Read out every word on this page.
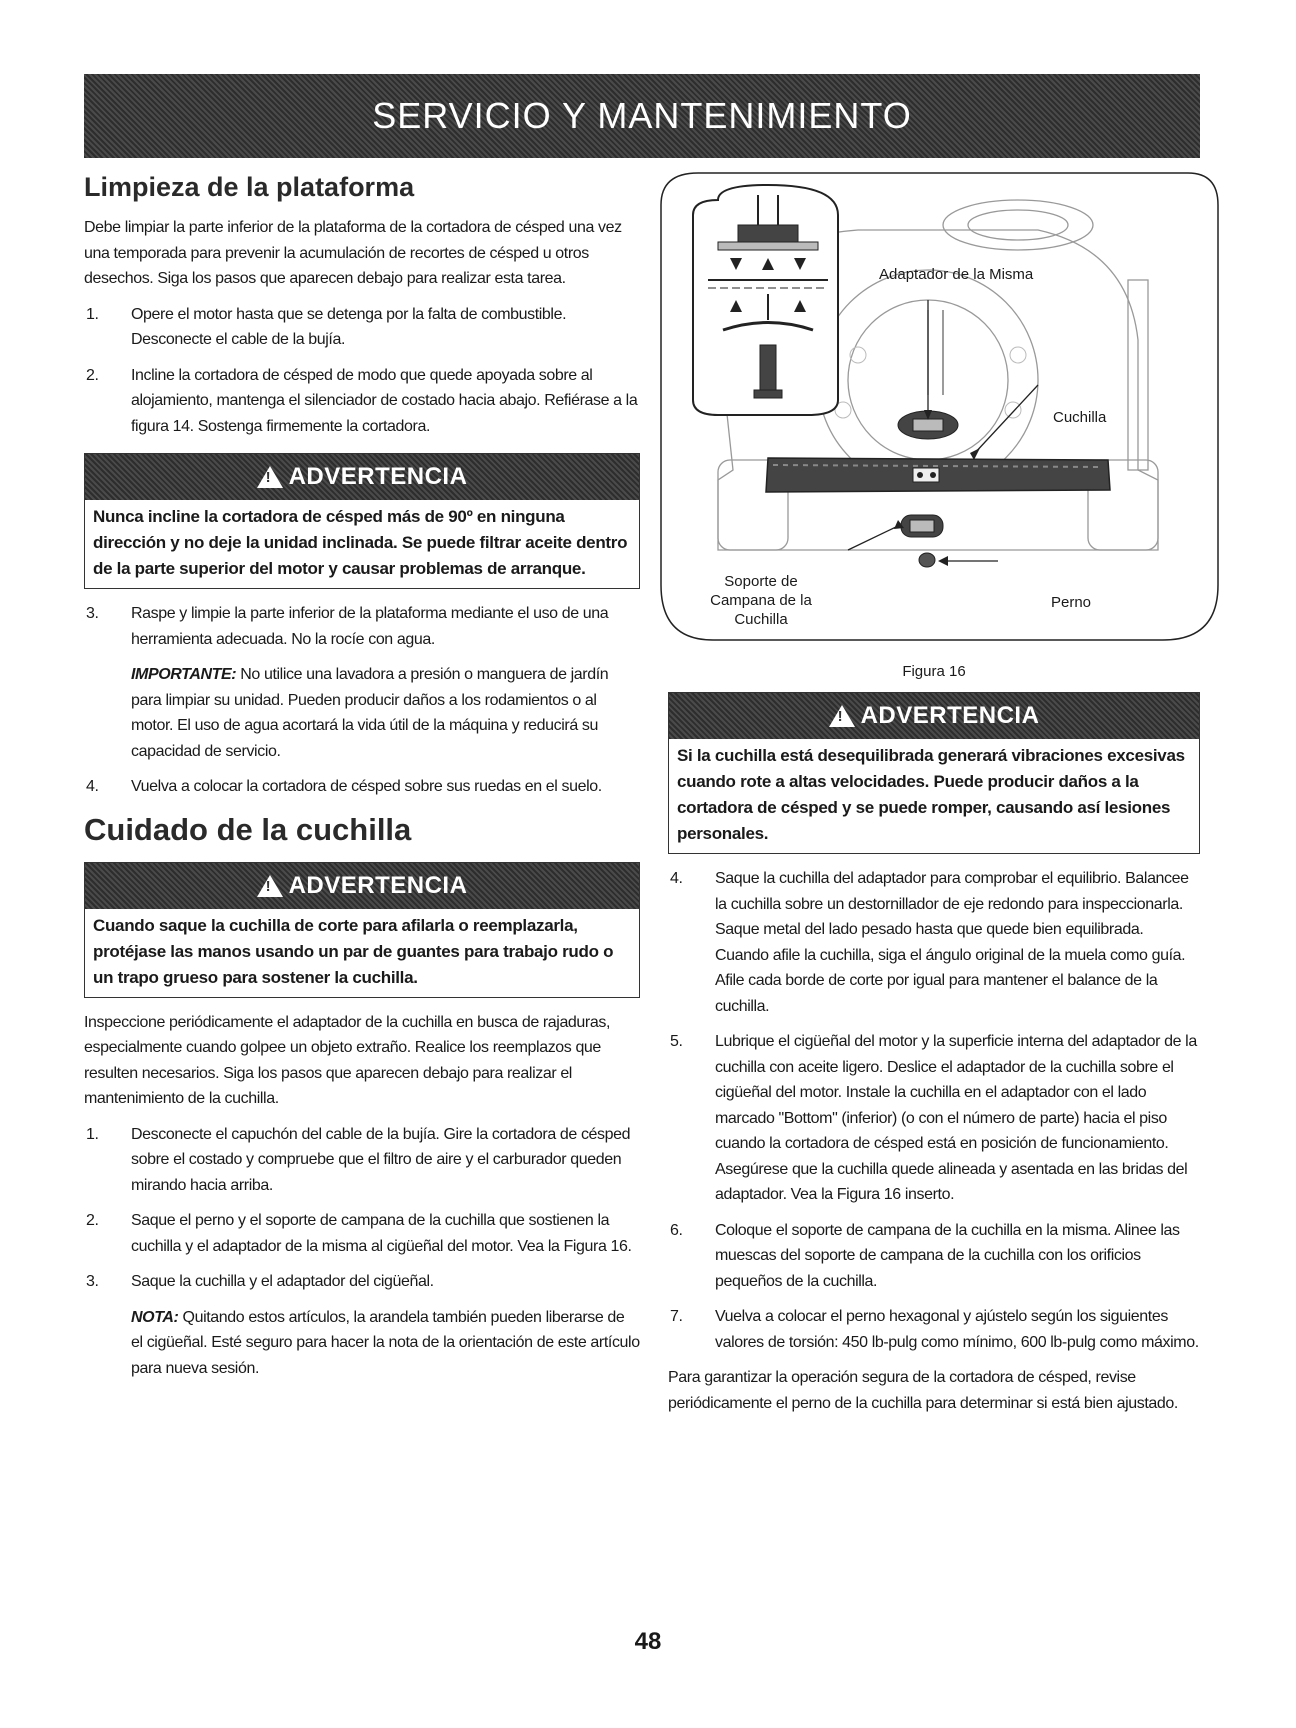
SERVICIO Y MANTENIMIENTO
Limpieza de la plataforma

Debe limpiar la parte inferior de la plataforma de la cortadora de césped una vez una temporada para prevenir la acumulación de recortes de césped u otros desechos. Siga los pasos que aparecen debajo para realizar esta tarea.

1. Opere el motor hasta que se detenga por la falta de combustible. Desconecte el cable de la bujía.
2. Incline la cortadora de césped de modo que quede apoyada sobre al alojamiento, mantenga el silenciador de costado hacia abajo. Refiérase a la figura 14. Sostenga firmemente la cortadora.
!
ADVERTENCIA
Nunca incline la cortadora de césped más de 90º en ninguna dirección y no deje la unidad inclinada. Se puede filtrar aceite dentro de la parte superior del motor y causar problemas de arranque.
3. Raspe y limpie la parte inferior de la plataforma mediante el uso de una herramienta adecuada. No la rocíe con agua.
IMPORTANTE: No utilice una lavadora a presión o manguera de jardín para limpiar su unidad. Pueden producir daños a los rodamientos o al motor. El uso de agua acortará la vida útil de la máquina y reducirá su capacidad de servicio.
4. Vuelva a colocar la cortadora de césped sobre sus ruedas en el suelo.
Cuidado de la cuchilla
!
ADVERTENCIA
Cuando saque la cuchilla de corte para afilarla o reemplazarla, protéjase las manos usando un par de guantes para trabajo rudo o un trapo grueso para sostener la cuchilla.

Inspeccione periódicamente el adaptador de la cuchilla en busca de rajaduras, especialmente cuando golpee un objeto extraño. Realice los reemplazos que resulten necesarios. Siga los pasos que aparecen debajo para realizar el mantenimiento de la cuchilla.

1. Desconecte el capuchón del cable de la bujía. Gire la cortadora de césped sobre el costado y compruebe que el filtro de aire y el carburador queden mirando hacia arriba.
2. Saque el perno y el soporte de campana de la cuchilla que sostienen la cuchilla y el adaptador de la misma al cigüeñal del motor. Vea la Figura 16.
3. Saque la cuchilla y el adaptador del cigüeñal.
NOTA: Quitando estos artículos, la arandela también pueden liberarse de el cigüeñal. Esté seguro para hacer la nota de la orientación de este artículo para nueva sesión.
Adaptador de la Misma
Cuchilla
Soporte de Campana de la Cuchilla
Perno
Figura 16
!
ADVERTENCIA
Si la cuchilla está desequilibrada generará vibraciones excesivas cuando rote a altas velocidades. Puede producir daños a la cortadora de césped y se puede romper, causando así lesiones personales.
4. Saque la cuchilla del adaptador para comprobar el equilibrio. Balancee la cuchilla sobre un destornillador de eje redondo para inspeccionarla. Saque metal del lado pesado hasta que quede bien equilibrada. Cuando afile la cuchilla, siga el ángulo original de la muela como guía. Afile cada borde de corte por igual para mantener el balance de la cuchilla.
5. Lubrique el cigüeñal del motor y la superficie interna del adaptador de la cuchilla con aceite ligero. Deslice el adaptador de la cuchilla sobre el cigüeñal del motor. Instale la cuchilla en el adaptador con el lado marcado "Bottom" (inferior) (o con el número de parte) hacia el piso cuando la cortadora de césped está en posición de funcionamiento. Asegúrese que la cuchilla quede alineada y asentada en las bridas del adaptador. Vea la Figura 16 inserto.
6. Coloque el soporte de campana de la cuchilla en la misma. Alinee las muescas del soporte de campana de la cuchilla con los orificios pequeños de la cuchilla.
7. Vuelva a colocar el perno hexagonal y ajústelo según los siguientes valores de torsión: 450 lb-pulg como mínimo, 600 lb-pulg como máximo.

Para garantizar la operación segura de la cortadora de césped, revise periódicamente el perno de la cuchilla para determinar si está bien ajustado.

48
